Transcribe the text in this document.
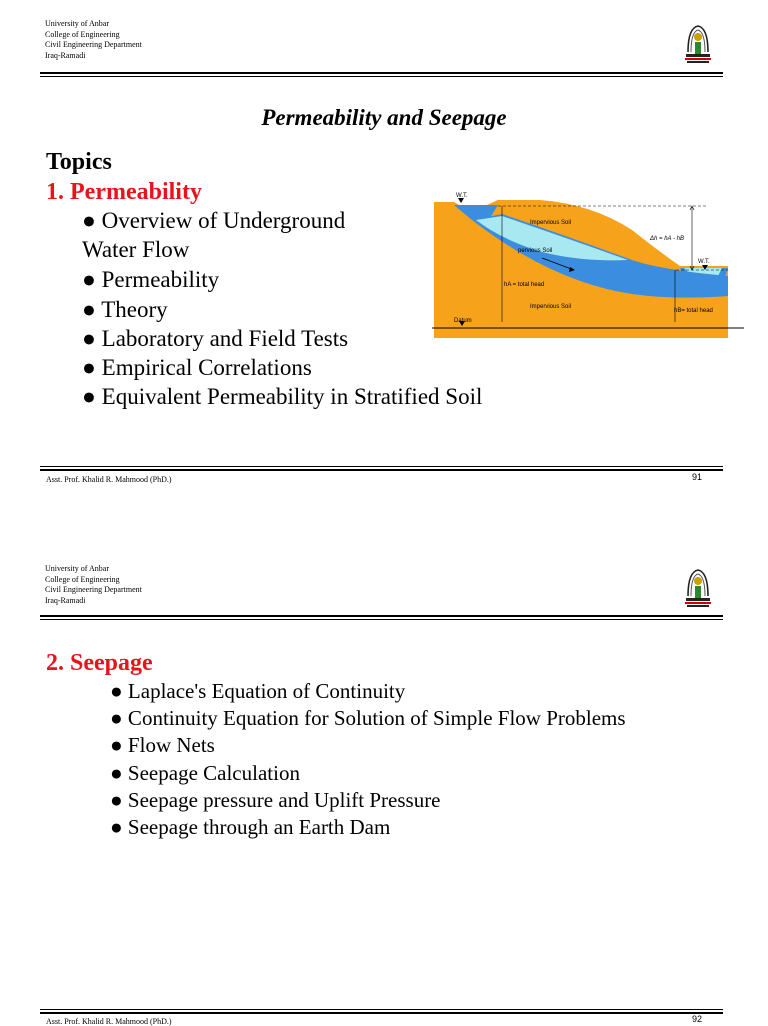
University of Anbar
College of Engineering
Civil Engineering Department
Iraq-Ramadi
Permeability and Seepage
Topics
1. Permeability
● Overview of Underground
Water Flow
● Permeability
● Theory
● Laboratory and Field Tests
● Empirical Correlations
● Equivalent Permeability in Stratified Soil
W.T.
W.T.
Impervious Soil
pervious Soil
Impervious Soil
hA = total head
hB= total head
Δh = hA - hB
Datum
Asst. Prof. Khalid R. Mahmood (PhD.)	91
University of Anbar
College of Engineering
Civil Engineering Department
Iraq-Ramadi
2. Seepage
● Laplace's Equation of Continuity
● Continuity Equation for Solution of Simple Flow Problems
● Flow Nets
● Seepage Calculation
● Seepage pressure and Uplift Pressure
● Seepage through an Earth Dam
Asst. Prof. Khalid R. Mahmood (PhD.)	92
